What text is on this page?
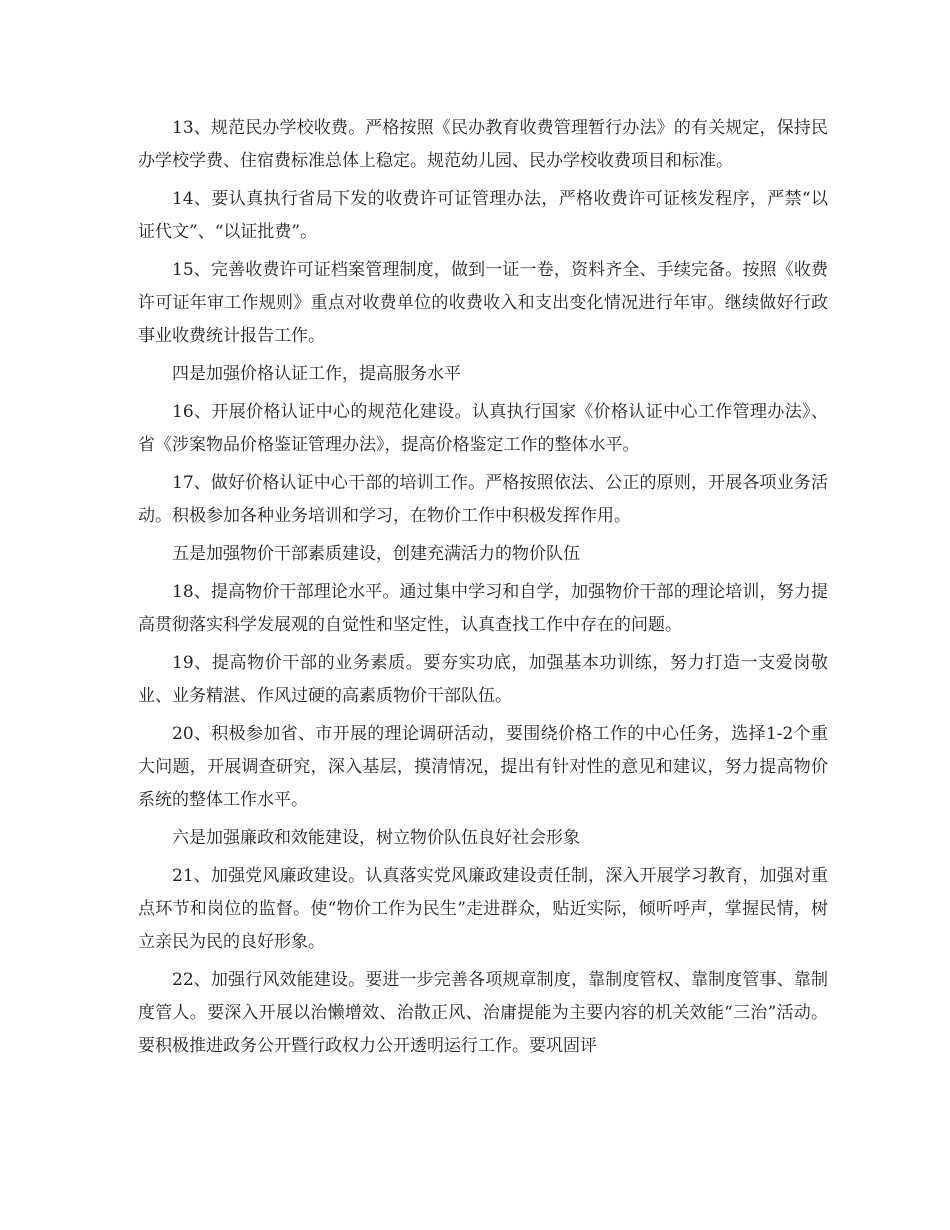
13、规范民办学校收费。严格按照《民办教育收费管理暂行办法》的有关规定，保持民办学校学费、住宿费标准总体上稳定。规范幼儿园、民办学校收费项目和标准。

14、要认真执行省局下发的收费许可证管理办法，严格收费许可证核发程序，严禁“以证代文”、“以证批费”。

15、完善收费许可证档案管理制度，做到一证一卷，资料齐全、手续完备。按照《收费许可证年审工作规则》重点对收费单位的收费收入和支出变化情况进行年审。继续做好行政事业收费统计报告工作。

四是加强价格认证工作，提高服务水平

16、开展价格认证中心的规范化建设。认真执行国家《价格认证中心工作管理办法》、省《涉案物品价格鉴证管理办法》，提高价格鉴定工作的整体水平。

17、做好价格认证中心干部的培训工作。严格按照依法、公正的原则，开展各项业务活动。积极参加各种业务培训和学习，在物价工作中积极发挥作用。

五是加强物价干部素质建设，创建充满活力的物价队伍

18、提高物价干部理论水平。通过集中学习和自学，加强物价干部的理论培训，努力提高贯彻落实科学发展观的自觉性和坚定性，认真查找工作中存在的问题。

19、提高物价干部的业务素质。要夯实功底，加强基本功训练，努力打造一支爱岗敬业、业务精湛、作风过硬的高素质物价干部队伍。

20、积极参加省、市开展的理论调研活动，要围绕价格工作的中心任务，选择1-2个重大问题，开展调查研究，深入基层，摸清情况，提出有针对性的意见和建议，努力提高物价系统的整体工作水平。

六是加强廉政和效能建设，树立物价队伍良好社会形象

21、加强党风廉政建设。认真落实党风廉政建设责任制，深入开展学习教育，加强对重点环节和岗位的监督。使“物价工作为民生”走进群众，贴近实际，倾听呼声，掌握民情，树立亲民为民的良好形象。

22、加强行风效能建设。要进一步完善各项规章制度，靠制度管权、靠制度管事、靠制度管人。要深入开展以治懒增效、治散正风、治庸提能为主要内容的机关效能“三治”活动。要积极推进政务公开暨行政权力公开透明运行工作。要巩固评
